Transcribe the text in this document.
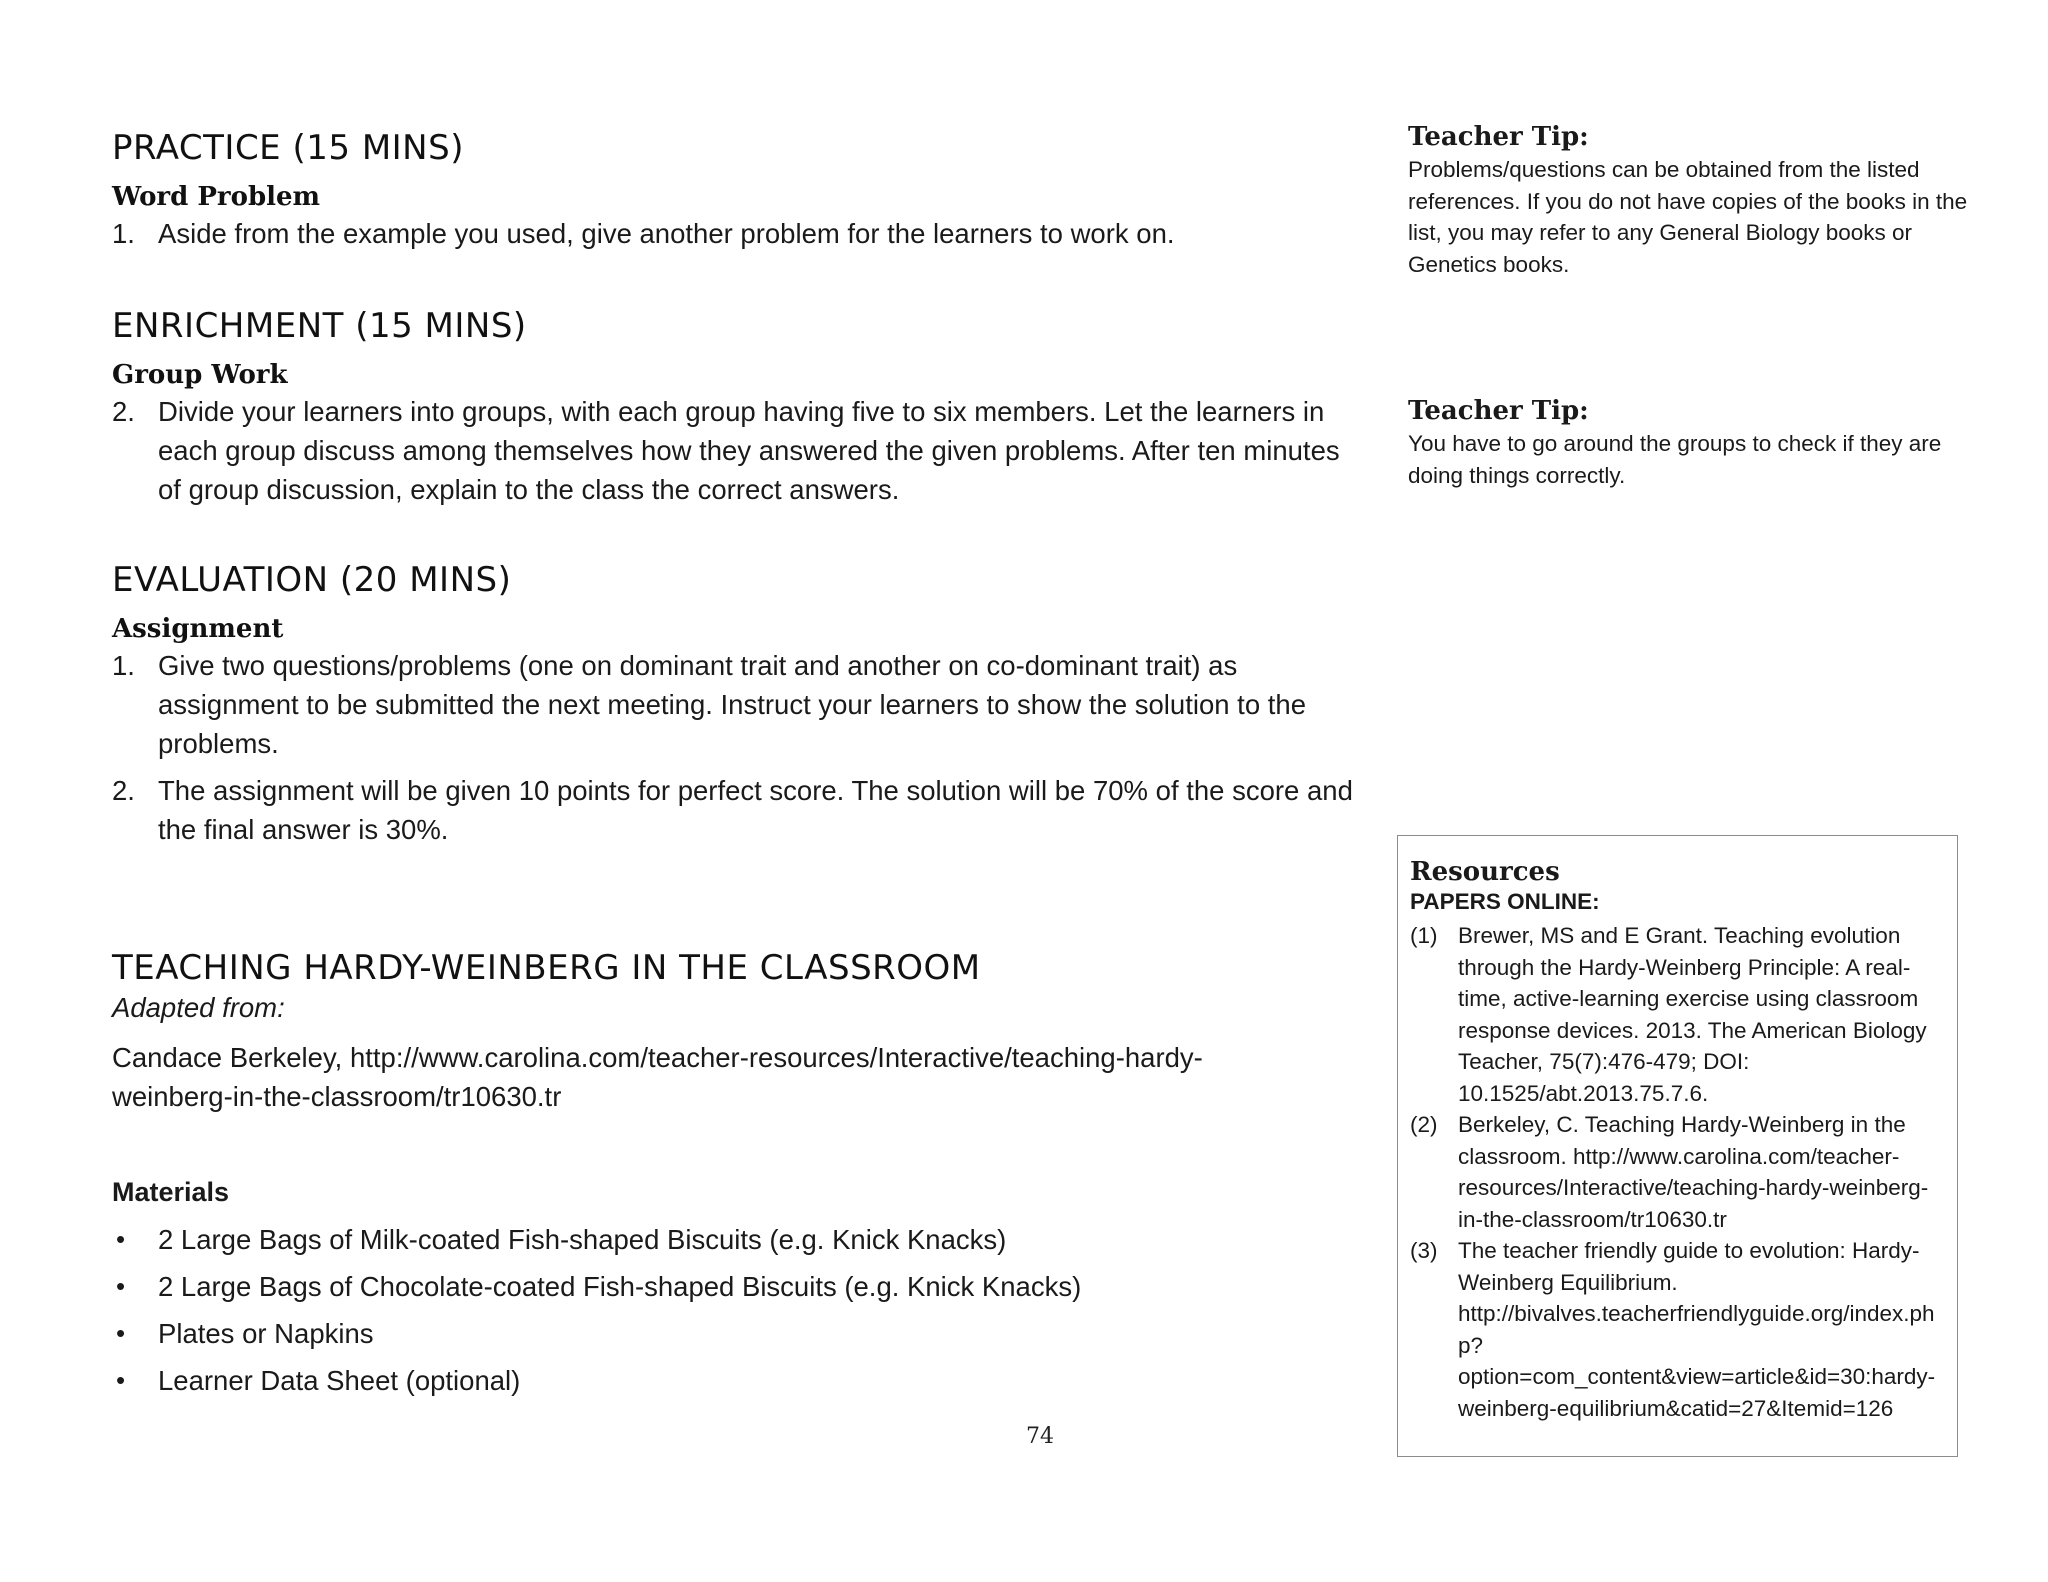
PRACTICE (15 MINS)
Word Problem
1. Aside from the example you used, give another problem for the learners to work on.
ENRICHMENT (15 MINS)
Group Work
2. Divide your learners into groups, with each group having five to six members. Let the learners in each group discuss among themselves how they answered the given problems. After ten minutes of group discussion, explain to the class the correct answers.
EVALUATION (20 MINS)
Assignment
1. Give two questions/problems (one on dominant trait and another on co-dominant trait) as assignment to be submitted the next meeting. Instruct your learners to show the solution to the problems.
2. The assignment will be given 10 points for perfect score. The solution will be 70% of the score and the final answer is 30%.
TEACHING HARDY-WEINBERG IN THE CLASSROOM

Adapted from:

Candace Berkeley, http://www.carolina.com/teacher-resources/Interactive/teaching-hardy-weinberg-in-the-classroom/tr10630.tr

Materials
• 2 Large Bags of Milk-coated Fish-shaped Biscuits (e.g. Knick Knacks)
• 2 Large Bags of Chocolate-coated Fish-shaped Biscuits (e.g. Knick Knacks)
• Plates or Napkins
• Learner Data Sheet (optional)
74

Teacher Tip:

Problems/questions can be obtained from the listed references. If you do not have copies of the books in the list, you may refer to any General Biology books or Genetics books.

Teacher Tip:

You have to go around the groups to check if they are doing things correctly.

Resources
PAPERS ONLINE:
(1) Brewer, MS and E Grant. Teaching evolution through the Hardy-Weinberg Principle: A real-time, active-learning exercise using classroom response devices. 2013. The American Biology Teacher, 75(7):476-479; DOI: 10.1525/abt.2013.75.7.6.
(2) Berkeley, C. Teaching Hardy-Weinberg in the classroom. http://www.carolina.com/teacher-resources/Interactive/teaching-hardy-weinberg-in-the-classroom/tr10630.tr
(3) The teacher friendly guide to evolution: Hardy-Weinberg Equilibrium. http://bivalves.teacherfriendlyguide.org/index.php?option=com_content&view=article&id=30:hardy-weinberg-equilibrium&catid=27&Itemid=126
